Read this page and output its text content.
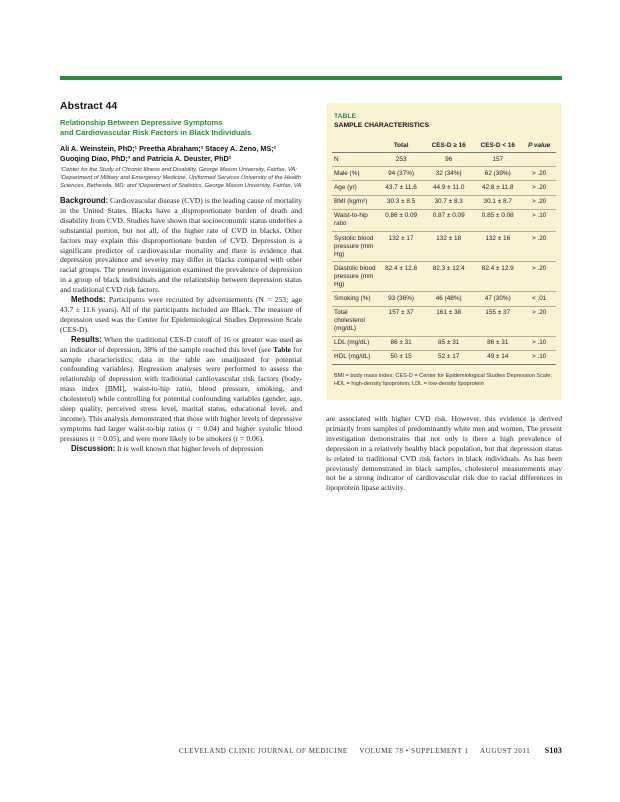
Abstract 44
Relationship Between Depressive Symptoms
and Cardiovascular Risk Factors in Black Individuals

Ali A. Weinstein, PhD;¹ Preetha Abraham;² Stacey A. Zeno, MS;² Guoqing Diao, PhD;³ and Patricia A. Deuster, PhD²

¹Center for the Study of Chronic Illness and Disability, George Mason University, Fairfax, VA; ²Department of Military and Emergency Medicine, Uniformed Services University of the Health Sciences, Bethesda, MD; and ³Department of Statistics, George Mason University, Fairfax, VA

Background: Cardiovascular disease (CVD) is the leading cause of mortality in the United States. Blacks have a disproportionate burden of death and disability from CVD. Studies have shown that socioeconomic status underlies a substantial portion, but not all, of the higher rate of CVD in blacks. Other factors may explain this disproportionate burden of CVD. Depression is a significant predictor of cardiovascular mortality and there is evidence that depression prevalence and severity may differ in blacks compared with other racial groups. The present investigation examined the prevalence of depression in a group of black individuals and the relationship between depression status and traditional CVD risk factors.

Methods: Participants were recruited by advertisements (N = 253; age 43.7 ± 11.6 years). All of the participants included are Black. The measure of depression used was the Center for Epidemiological Studies Depression Scale (CES-D).

Results: When the traditional CES-D cutoff of 16 or greater was used as an indicator of depression, 38% of the sample reached this level (see Table for sample characteristics; data in the table are unadjusted for potential confounding variables). Regression analyses were performed to assess the relationship of depression with traditional cardiovascular risk factors (body-mass index [BMI], waist-to-hip ratio, blood pressure, smoking, and cholesterol) while controlling for potential confounding variables (gender, age, sleep quality, perceived stress level, marital status, educational level, and income). This analysis demonstrated that those with higher levels of depressive symptoms had larger waist-to-hip ratios (r = 0.04) and higher systolic blood pressures (r = 0.05), and were more likely to be smokers (r = 0.06).

Discussion: It is well known that higher levels of depression

TABLE
SAMPLE CHARACTERISTICS
	Total	CES-D ≥ 16	CES-D < 16	P value
N	253	96	157	
Male (%)	94 (37%)	32 (34%)	62 (39%)	> .20
Age (yr)	43.7 ± 11.6	44.9 ± 11.0	42.8 ± 11.8	> .20
BMI (kg/m²)	30.3 ± 8.5	30.7 ± 8.3	30.1 ± 8.7	> .20
Waist-to-hip ratio	0.86 ± 0.09	0.87 ± 0.09	0.85 ± 0.08	> .10
Systolic blood pressure (mm Hg)	132 ± 17	132 ± 18	132 ± 16	> .20
Diastolic blood pressure (mm Hg)	82.4 ± 12.8	82.3 ± 12.4	82.4 ± 12.9	> .20
Smoking (%)	93 (36%)	46 (48%)	47 (30%)	< .01
Total cholesterol (mg/dL)	157 ± 37	161 ± 38	155 ± 37	> .20
LDL (mg/dL)	86 ± 31	85 ± 31	86 ± 31	> .10
HDL (mg/dL)	50 ± 15	52 ± 17	49 ± 14	> .10
BMI = body mass index; CES-D = Center for Epidemiological Studies Depression Scale; HDL = high-density lipoprotein; LDL = low-density lipoprotein

are associated with higher CVD risk. However, this evidence is derived primarily from samples of predominantly white men and women. The present investigation demonstrates that not only is there a high prevalence of depression in a relatively healthy black population, but that depression status is related to traditional CVD risk factors in black individuals. As has been previously demonstrated in black samples, cholesterol measurements may not be a strong indicator of cardiovascular risk due to racial differences in lipoprotein lipase activity.

CLEVELAND CLINIC JOURNAL OF MEDICINE VOLUME 78 • SUPPLEMENT 1 AUGUST 2011 S103
